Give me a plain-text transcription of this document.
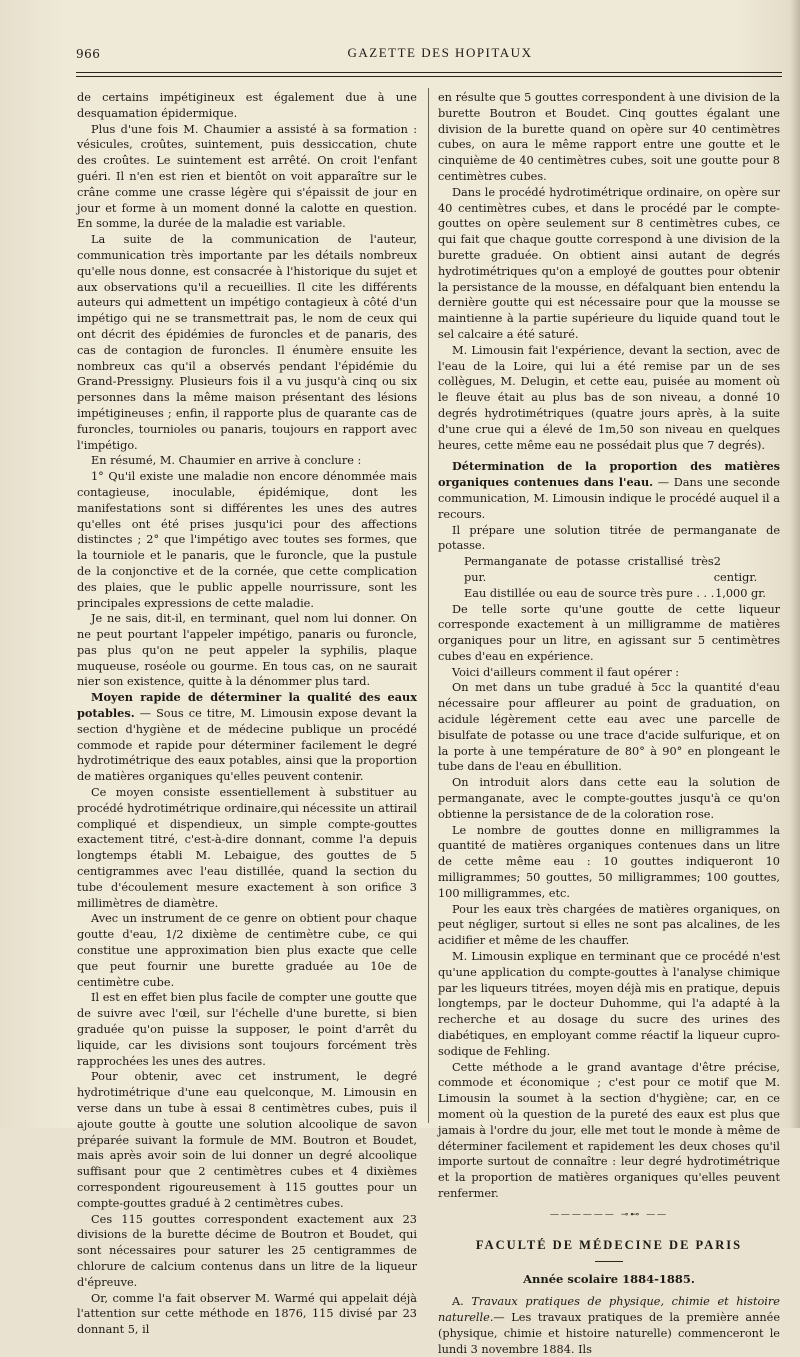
966	GAZETTE DES HOPITAUX

de certains impétigineux est également due à une desquamation épidermique.

Plus d'une fois M. Chaumier a assisté à sa formation : vésicules, croûtes, suintement, puis dessiccation, chute des croûtes. Le suintement est arrêté. On croit l'enfant guéri. Il n'en est rien et bientôt on voit apparaître sur le crâne comme une crasse légère qui s'épaissit de jour en jour et forme à un moment donné la calotte en question. En somme, la durée de la maladie est variable.

La suite de la communication de l'auteur, communication très importante par les détails nombreux qu'elle nous donne, est consacrée à l'historique du sujet et aux observations qu'il a recueillies. Il cite les différents auteurs qui admettent un impétigo contagieux à côté d'un impétigo qui ne se transmettrait pas, le nom de ceux qui ont décrit des épidémies de furoncles et de panaris, des cas de contagion de furoncles. Il énumère ensuite les nombreux cas qu'il a observés pendant l'épidémie du Grand-Pressigny. Plusieurs fois il a vu jusqu'à cinq ou six personnes dans la même maison présentant des lésions impétigineuses ; enfin, il rapporte plus de quarante cas de furoncles, tournioles ou panaris, toujours en rapport avec l'impétigo.

En résumé, M. Chaumier en arrive à conclure :

1° Qu'il existe une maladie non encore dénommée mais contagieuse, inoculable, épidémique, dont les manifestations sont si différentes les unes des autres qu'elles ont été prises jusqu'ici pour des affections distinctes ; 2° que l'impétigo avec toutes ses formes, que la tourniole et le panaris, que le furoncle, que la pustule de la conjonctive et de la cornée, que cette complication des plaies, que le public appelle nourrissure, sont les principales expressions de cette maladie.

Je ne sais, dit-il, en terminant, quel nom lui donner. On ne peut pourtant l'appeler impétigo, panaris ou furoncle, pas plus qu'on ne peut appeler la syphilis, plaque muqueuse, roséole ou gourme. En tous cas, on ne saurait nier son existence, quitte à la dénommer plus tard.

Moyen rapide de déterminer la qualité des eaux potables. — Sous ce titre, M. Limousin expose devant la section d'hygiène et de médecine publique un procédé commode et rapide pour déterminer facilement le degré hydrotimétrique des eaux potables, ainsi que la proportion de matières organiques qu'elles peuvent contenir.

Ce moyen consiste essentiellement à substituer au procédé hydrotimétrique ordinaire,qui nécessite un attirail compliqué et dispendieux, un simple compte-gouttes exactement titré, c'est-à-dire donnant, comme l'a depuis longtemps établi M. Lebaigue, des gouttes de 5 centigrammes avec l'eau distillée, quand la section du tube d'écoulement mesure exactement à son orifice 3 millimètres de diamètre.

Avec un instrument de ce genre on obtient pour chaque goutte d'eau, 1/2 dixième de centimètre cube, ce qui constitue une approximation bien plus exacte que celle que peut fournir une burette graduée au 10e de centimètre cube.

Il est en effet bien plus facile de compter une goutte que de suivre avec l'œil, sur l'échelle d'une burette, si bien graduée qu'on puisse la supposer, le point d'arrêt du liquide, car les divisions sont toujours forcément très rapprochées les unes des autres.

Pour obtenir, avec cet instrument, le degré hydrotimétrique d'une eau quelconque, M. Limousin en verse dans un tube à essai 8 centimètres cubes, puis il ajoute goutte à goutte une solution alcoolique de savon préparée suivant la formule de MM. Boutron et Boudet, mais après avoir soin de lui donner un degré alcoolique suffisant pour que 2 centimètres cubes et 4 dixièmes correspondent rigoureusement à 115 gouttes pour un compte-gouttes gradué à 2 centimètres cubes.

Ces 115 gouttes correspondent exactement aux 23 divisions de la burette décime de Boutron et Boudet, qui sont nécessaires pour saturer les 25 centigrammes de chlorure de calcium contenus dans un litre de la liqueur d'épreuve.

Or, comme l'a fait observer M. Warmé qui appelait déjà l'attention sur cette méthode en 1876, 115 divisé par 23 donnant 5, il

en résulte que 5 gouttes correspondent à une division de la burette Boutron et Boudet. Cinq gouttes égalant une division de la burette quand on opère sur 40 centimètres cubes, on aura le même rapport entre une goutte et le cinquième de 40 centimètres cubes, soit une goutte pour 8 centimètres cubes.

Dans le procédé hydrotimétrique ordinaire, on opère sur 40 centimètres cubes, et dans le procédé par le compte-gouttes on opère seulement sur 8 centimètres cubes, ce qui fait que chaque goutte correspond à une division de la burette graduée. On obtient ainsi autant de degrés hydrotimétriques qu'on a employé de gouttes pour obtenir la persistance de la mousse, en défalquant bien entendu la dernière goutte qui est nécessaire pour que la mousse se maintienne à la partie supérieure du liquide quand tout le sel calcaire a été saturé.

M. Limousin fait l'expérience, devant la section, avec de l'eau de la Loire, qui lui a été remise par un de ses collègues, M. Delugin, et cette eau, puisée au moment où le fleuve était au plus bas de son niveau, a donné 10 degrés hydrotimétriques (quatre jours après, à la suite d'une crue qui a élevé de 1m,50 son niveau en quelques heures, cette même eau ne possédait plus que 7 degrés).

Détermination de la proportion des matières organiques contenues dans l'eau. — Dans une seconde communication, M. Limousin indique le procédé auquel il a recours.

Il prépare une solution titrée de permanganate de potasse.

Permanganate de potasse cristallisé très pur.
2 centigr.
Eau distillée ou eau de source très pure . . . 1,000 gr.

De telle sorte qu'une goutte de cette liqueur corresponde exactement à un milligramme de matières organiques pour un litre, en agissant sur 5 centimètres cubes d'eau en expérience.

Voici d'ailleurs comment il faut opérer :

On met dans un tube gradué à 5cc la quantité d'eau nécessaire pour affleurer au point de graduation, on acidule légèrement cette eau avec une parcelle de bisulfate de potasse ou une trace d'acide sulfurique, et on la porte à une température de 80° à 90° en plongeant le tube dans de l'eau en ébullition.

On introduit alors dans cette eau la solution de permanganate, avec le compte-gouttes jusqu'à ce qu'on obtienne la persistance de de la coloration rose.

Le nombre de gouttes donne en milligrammes la quantité de matières organiques contenues dans un litre de cette même eau : 10 gouttes indiqueront 10 milligrammes; 50 gouttes, 50 milligrammes; 100 gouttes, 100 milligrammes, etc.

Pour les eaux très chargées de matières organiques, on peut négliger, surtout si elles ne sont pas alcalines, de les acidifier et même de les chauffer.

M. Limousin explique en terminant que ce procédé n'est qu'une application du compte-gouttes à l'analyse chimique par les liqueurs titrées, moyen déjà mis en pratique, depuis longtemps, par le docteur Duhomme, qui l'a adapté à la recherche et au dosage du sucre des urines des diabétiques, en employant comme réactif la liqueur cupro-sodique de Fehling.

Cette méthode a le grand avantage d'être précise, commode et économique ; c'est pour ce motif que M. Limousin la soumet à la section d'hygiène; car, en ce moment où la question de la pureté des eaux est plus que jamais à l'ordre du jour, elle met tout le monde à même de déterminer facilement et rapidement les deux choses qu'il importe surtout de connaître : leur degré hydrotimétrique et la proportion de matières organiques qu'elles peuvent renfermer.

—————— ⊸⊷ ——
FACULTÉ DE MÉDECINE DE PARIS
Année scolaire 1884-1885.

A. Travaux pratiques de physique, chimie et histoire naturelle.— Les travaux pratiques de la première année (physique, chimie et histoire naturelle) commenceront le lundi 3 novembre 1884. Ils
